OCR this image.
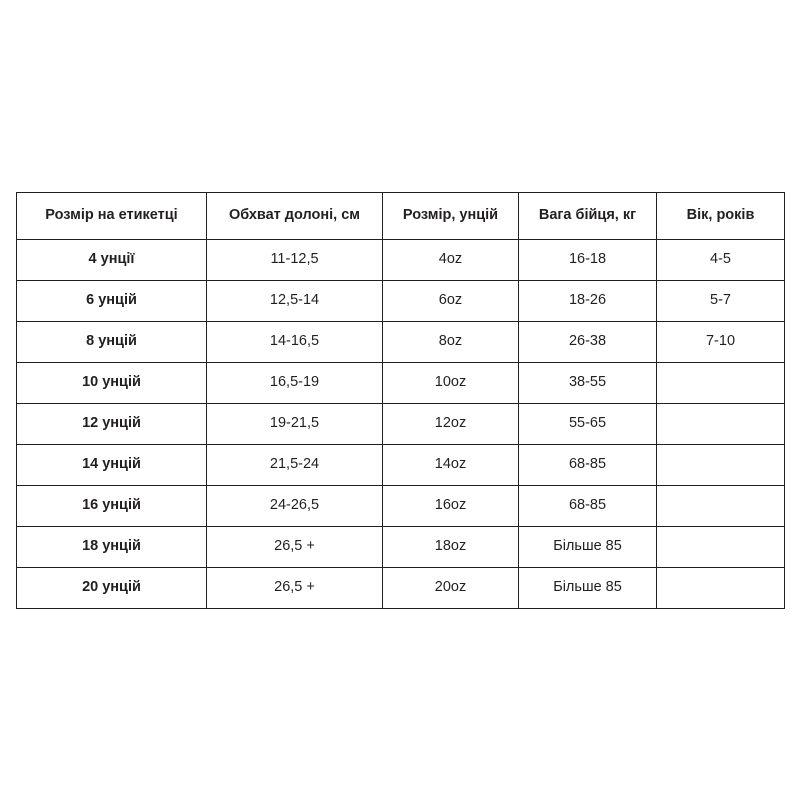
Розмір на етикетці	Обхват долоні, см	Розмір, унцій	Вага бійця, кг	Вік, років
4 унції	11-12,5	4oz	16-18	4-5
6 унцій	12,5-14	6oz	18-26	5-7
8 унцій	14-16,5	8oz	26-38	7-10
10 унцій	16,5-19	10oz	38-55	
12 унцій	19-21,5	12oz	55-65	
14 унцій	21,5-24	14oz	68-85	
16 унцій	24-26,5	16oz	68-85	
18 унцій	26,5 +	18oz	Більше 85	
20 унцій	26,5 +	20oz	Більше 85	
